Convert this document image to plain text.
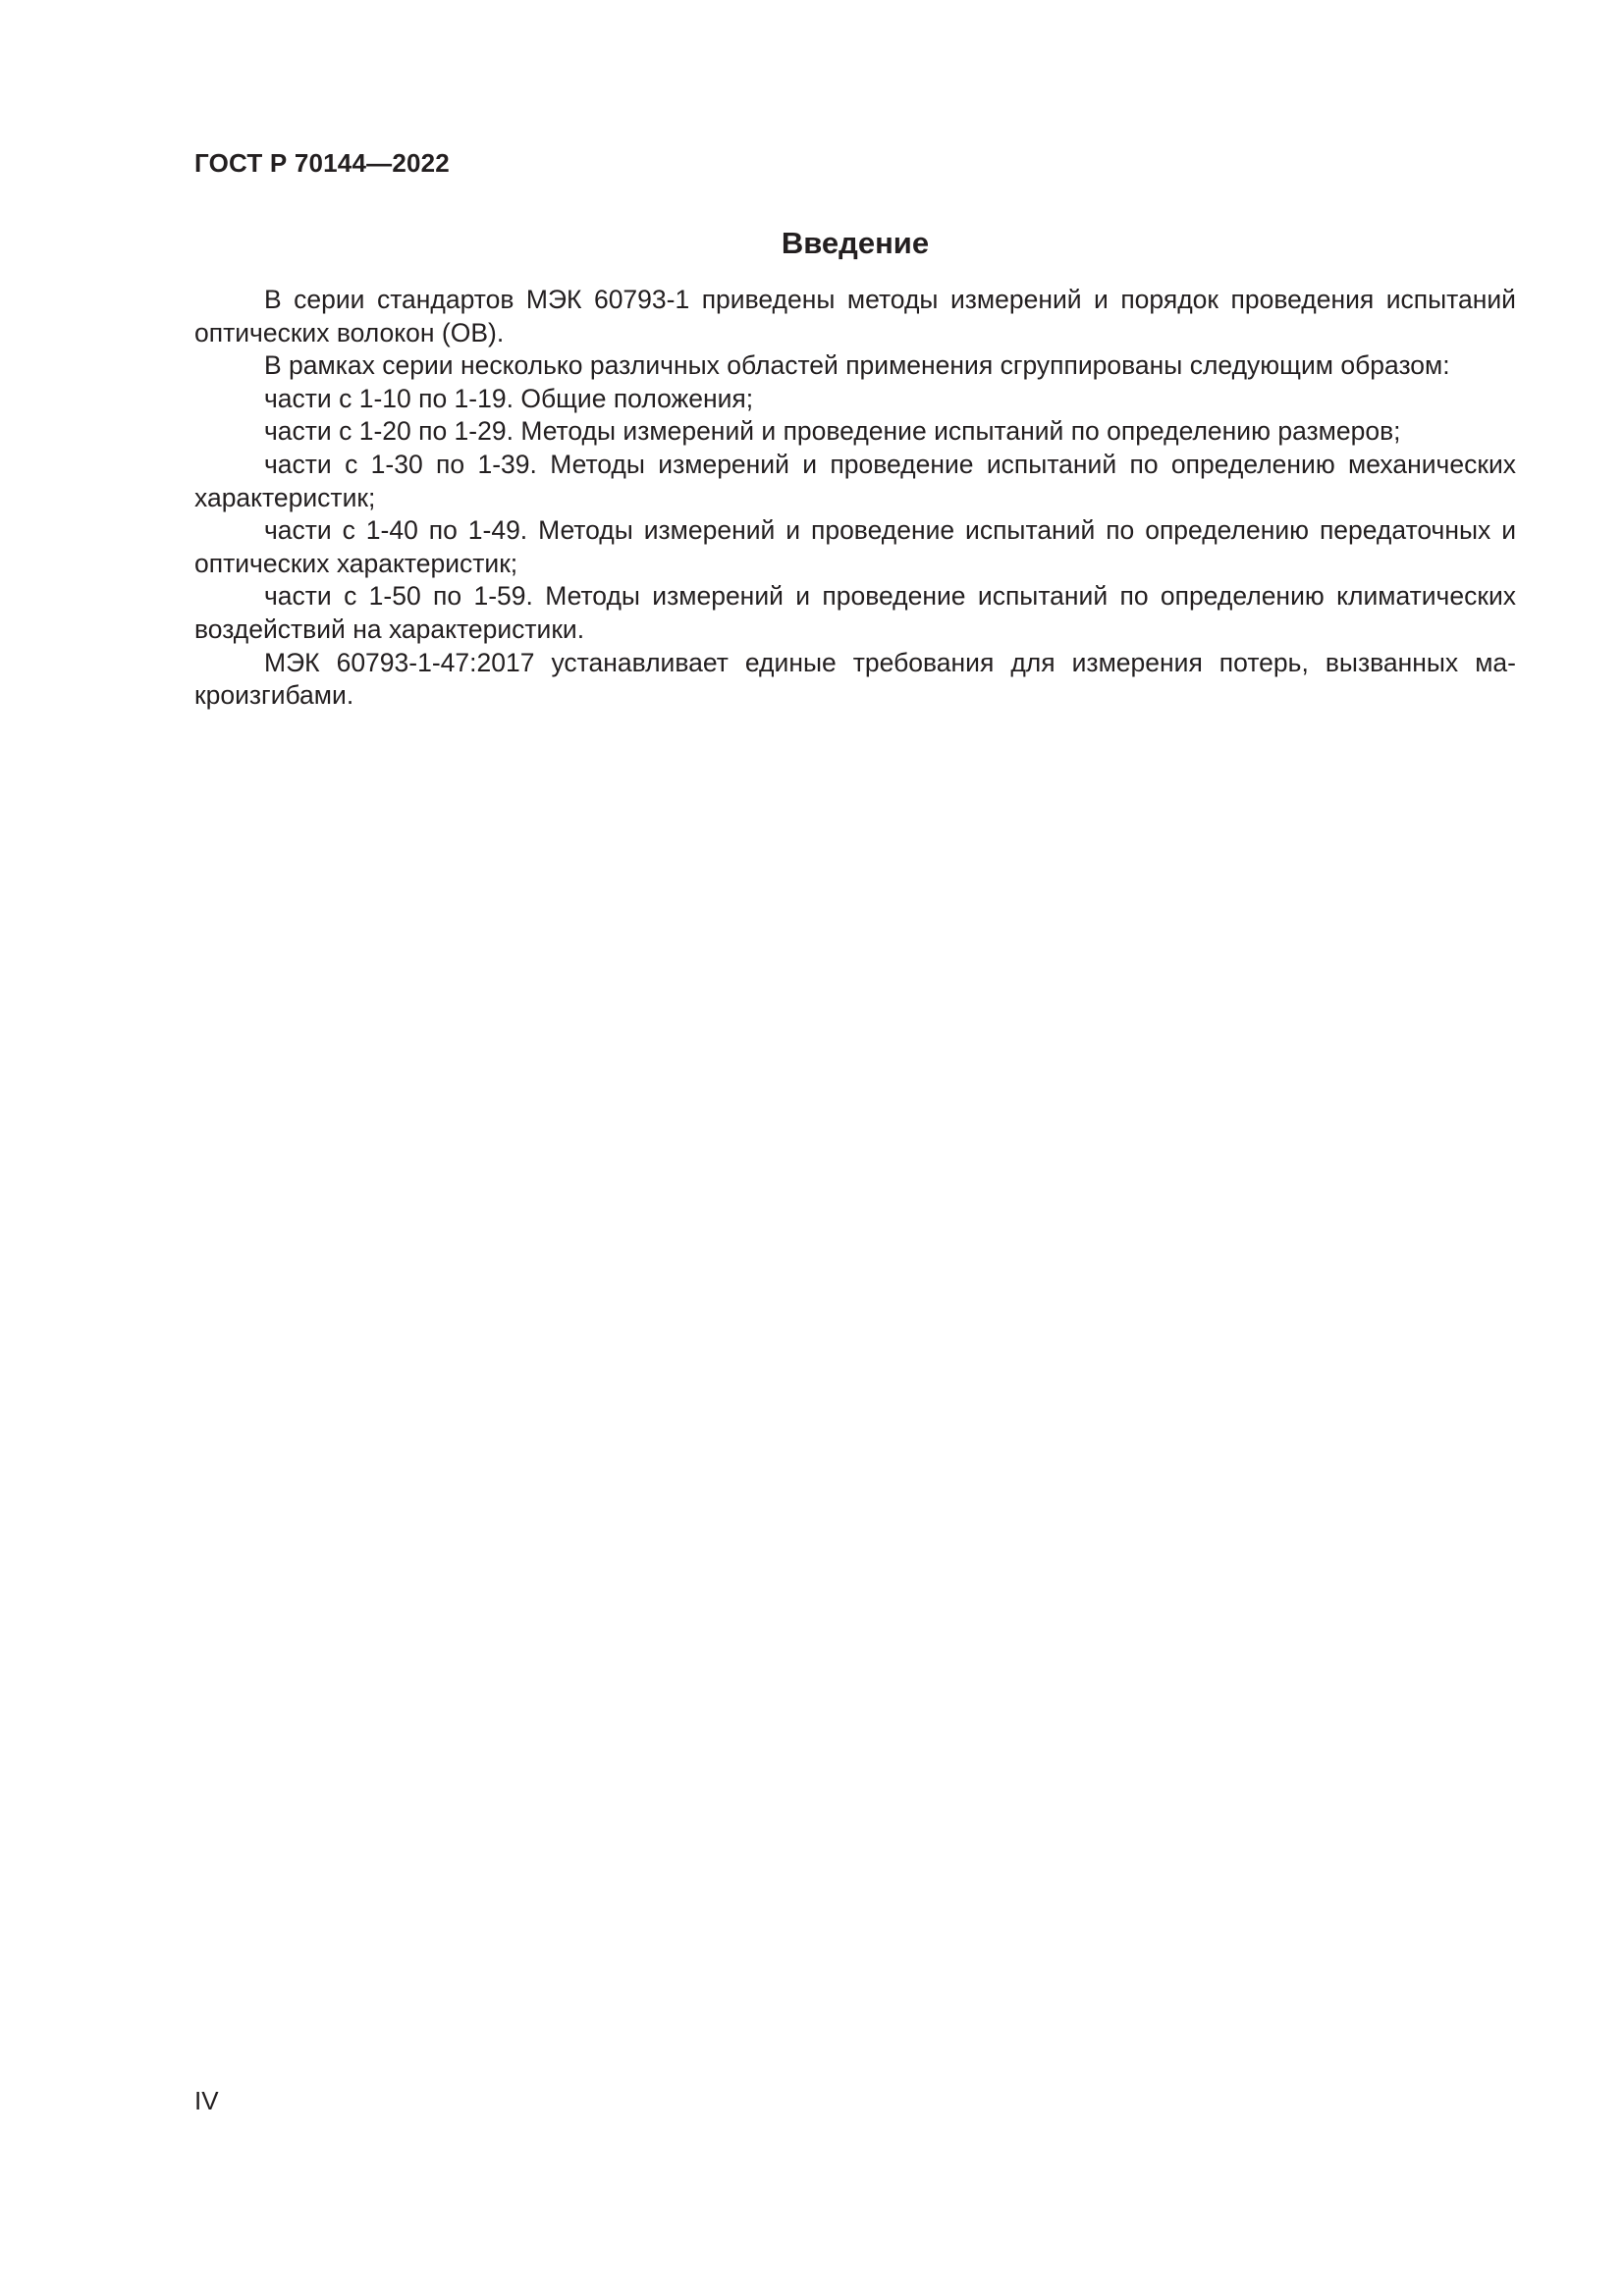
ГОСТ Р 70144—2022
Введение

В серии стандартов МЭК 60793-1 приведены методы измерений и порядок проведения испытаний оптических волокон (ОВ).

В рамках серии несколько различных областей применения сгруппированы следующим образом:

части с 1-10 по 1-19. Общие положения;

части с 1-20 по 1-29. Методы измерений и проведение испытаний по определению размеров;

части с 1-30 по 1-39. Методы измерений и проведение испытаний по определению механических характеристик;

части с 1-40 по 1-49. Методы измерений и проведение испытаний по определению передаточных и оптических характеристик;

части с 1-50 по 1-59. Методы измерений и проведение испытаний по определению климатических воздействий на характеристики.

МЭК 60793-1-47:2017 устанавливает единые требования для измерения потерь, вызванных макроизгибами.

IV
